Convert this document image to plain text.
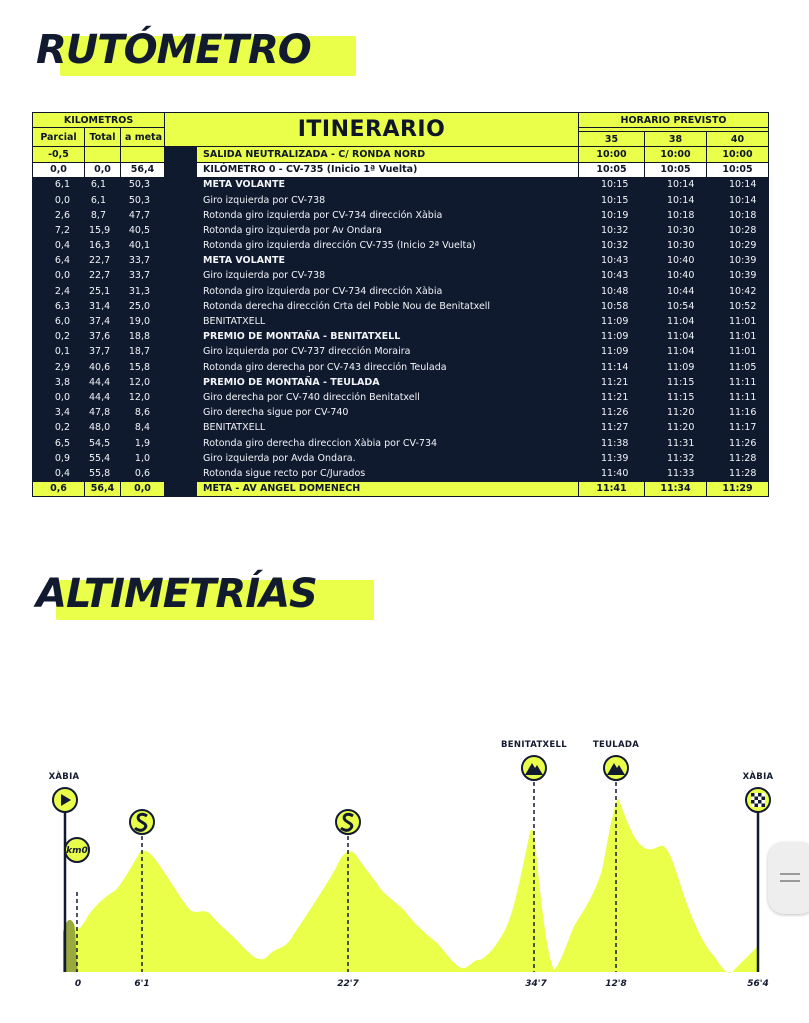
RUTÓMETRO
KILOMETROS			ITINERARIO		HORARIO PREVISTO		
Parcial	Total	a meta					
					35	38	40
-0,5				SALIDA NEUTRALIZADA - C/ RONDA NORD	10:00	10:00	10:00
0,0	0,0	56,4		KILÓMETRO 0 - CV-735 (Inicio 1ª Vuelta)	10:05	10:05	10:05
6,1	6,1	50,3		META VOLANTE	10:15	10:14	10:14
0,0	6,1	50,3		Giro izquierda por CV-738	10:15	10:14	10:14
2,6	8,7	47,7		Rotonda giro izquierda por CV-734 dirección Xàbia	10:19	10:18	10:18
7,2	15,9	40,5		Rotonda giro izquierda por Av Ondara	10:32	10:30	10:28
0,4	16,3	40,1		Rotonda giro izquierda dirección CV-735 (Inicio 2ª Vuelta)	10:32	10:30	10:29
6,4	22,7	33,7		META VOLANTE	10:43	10:40	10:39
0,0	22,7	33,7		Giro izquierda por CV-738	10:43	10:40	10:39
2,4	25,1	31,3		Rotonda giro izquierda por CV-734 dirección Xàbia	10:48	10:44	10:42
6,3	31,4	25,0		Rotonda derecha dirección Crta del Poble Nou de Benitatxell	10:58	10:54	10:52
6,0	37,4	19,0		BENITATXELL	11:09	11:04	11:01
0,2	37,6	18,8		PREMIO DE MONTAÑA - BENITATXELL	11:09	11:04	11:01
0,1	37,7	18,7		Giro izquierda por CV-737 dirección Moraira	11:09	11:04	11:01
2,9	40,6	15,8		Rotonda giro derecha por CV-743 dirección Teulada	11:14	11:09	11:05
3,8	44,4	12,0		PREMIO DE MONTAÑA - TEULADA	11:21	11:15	11:11
0,0	44,4	12,0		Giro derecha por CV-740 dirección Benitatxell	11:21	11:15	11:11
3,4	47,8	8,6		Giro derecha sigue por CV-740	11:26	11:20	11:16
0,2	48,0	8,4		BENITATXELL	11:27	11:20	11:17
6,5	54,5	1,9		Rotonda giro derecha direccion Xàbia por CV-734	11:38	11:31	11:26
0,9	55,4	1,0		Giro izquierda por Avda Ondara.	11:39	11:32	11:28
0,4	55,8	0,6		Rotonda sigue recto por C/Jurados	11:40	11:33	11:28
0,6	56,4	0,0		META - AV ANGEL DOMENECH	11:41	11:34	11:29
ALTIMETRÍAS
XÀBIA
km0
BENITATXELL	TEULADA
XÀBIA
0	6'1	22'7	34'7	12'8	56'4
